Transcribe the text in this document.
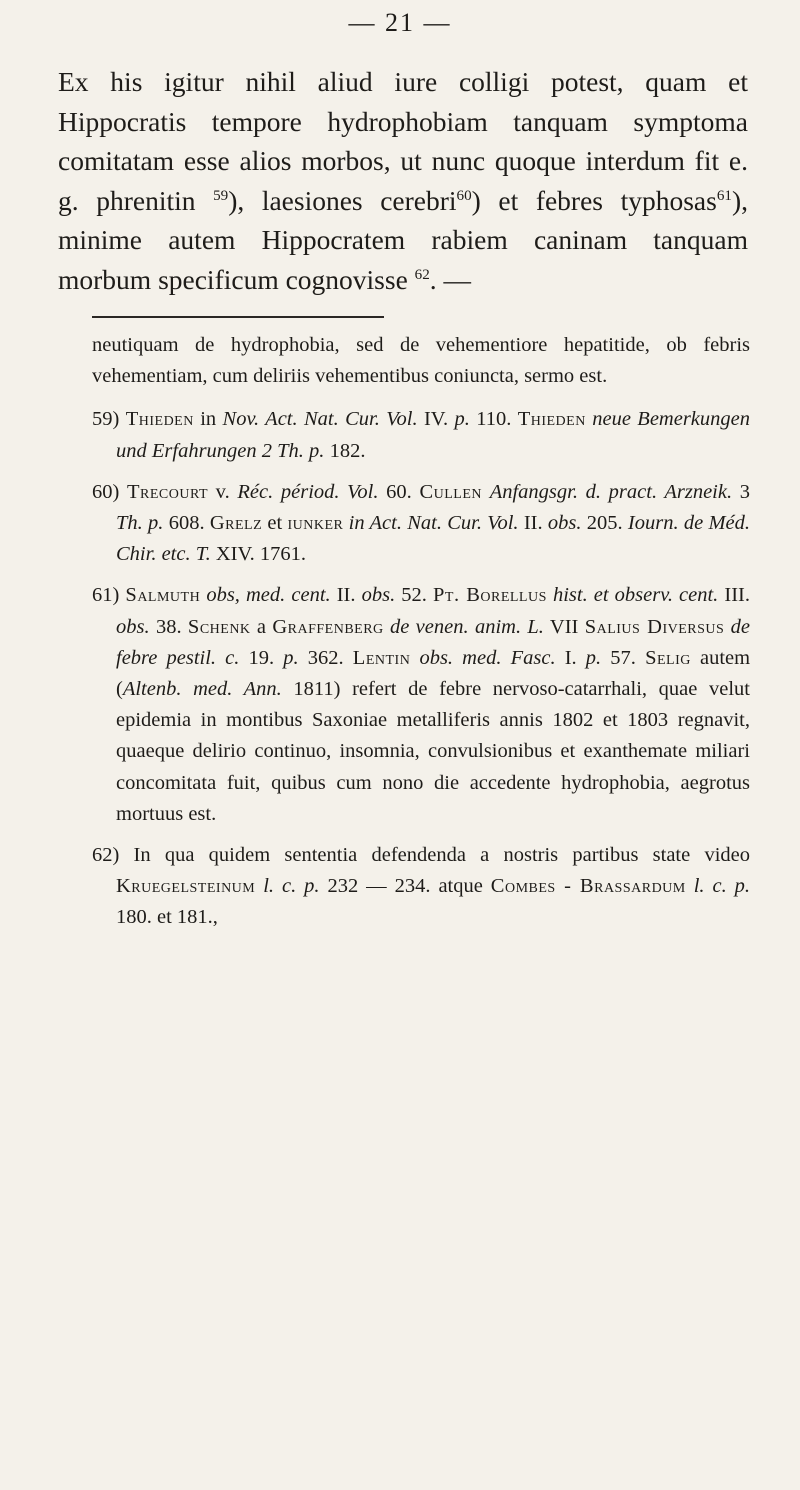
— 21 —

Ex his igitur nihil aliud iure colligi potest, quam et Hippocratis tempore hydrophobiam tanquam symptoma comitatam esse alios morbos, ut nunc quoque interdum fit e. g. phrenitin $^{59}$), laesiones cerebri$^{60}$) et febres typhosas$^{61}$), minime autem Hippocratem rabiem caninam tanquam morbum specificum cognovisse $^{62}$. —

neutiquam de hydrophobia, sed de vehementiore hepatitide, ob febris vehementiam, cum deliriis vehementibus coniuncta, sermo est.

59) Thieden in Nov. Act. Nat. Cur. Vol. IV. p. 110. Thieden neue Bemerkungen und Erfahrungen 2 Th. p. 182.

60) Trecourt v. Réc. périod. Vol. 60. Cullen Anfangsgr. d. pract. Arzneik. 3 Th. p. 608. Grelz et iunker in Act. Nat. Cur. Vol. II. obs. 205. Iourn. de Méd. Chir. etc. T. XIV. 1761.

61) Salmuth obs, med. cent. II. obs. 52. Pt. Borellus hist. et observ. cent. III. obs. 38. Schenk a Graffenberg de venen. anim. L. VII Salius Diversus de febre pestil. c. 19. p. 362. Lentin obs. med. Fasc. I. p. 57. Selig autem (Altenb. med. Ann. 1811) refert de febre nervoso-catarrhali, quae velut epidemia in montibus Saxoniae metalliferis annis 1802 et 1803 regnavit, quaeque delirio continuo, insomnia, convulsionibus et exanthemate miliari concomitata fuit, quibus cum nono die accedente hydrophobia, aegrotus mortuus est.

62) In qua quidem sententia defendenda a nostris partibus state video Kruegelsteinum l. c. p. 232 — 234. atque Combes - Brassardum l. c. p. 180. et 181.,
